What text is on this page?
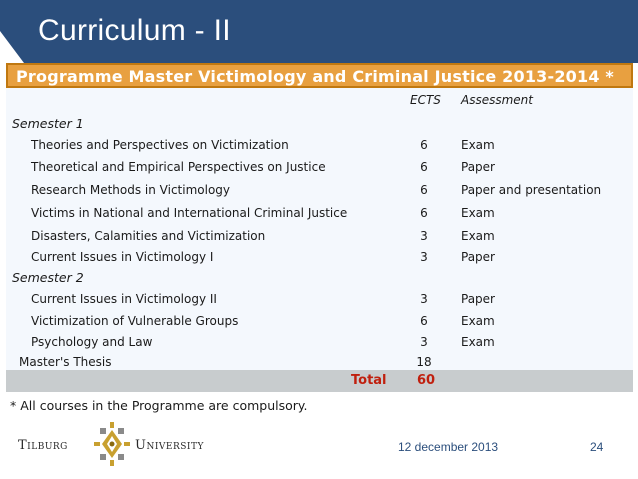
Curriculum - II
Programme Master Victimology and Criminal Justice 2013-2014 *
ECTS Assessment
Semester 1
Theories and Perspectives on Victimization	6	Exam
Theoretical and Empirical Perspectives on Justice	6	Paper
Research Methods in Victimology	6	Paper and presentation
Victims in National and International Criminal Justice	6	Exam
Disasters, Calamities and Victimization	3	Exam
Current Issues in Victimology I	3	Paper
Semester 2
Current Issues in Victimology II	3	Paper
Victimization of Vulnerable Groups	6	Exam
Psychology and Law	3	Exam
Master's Thesis	18
Total 60
* All courses in the Programme are compulsory.
Tilburg	University	12 december 2013	24
